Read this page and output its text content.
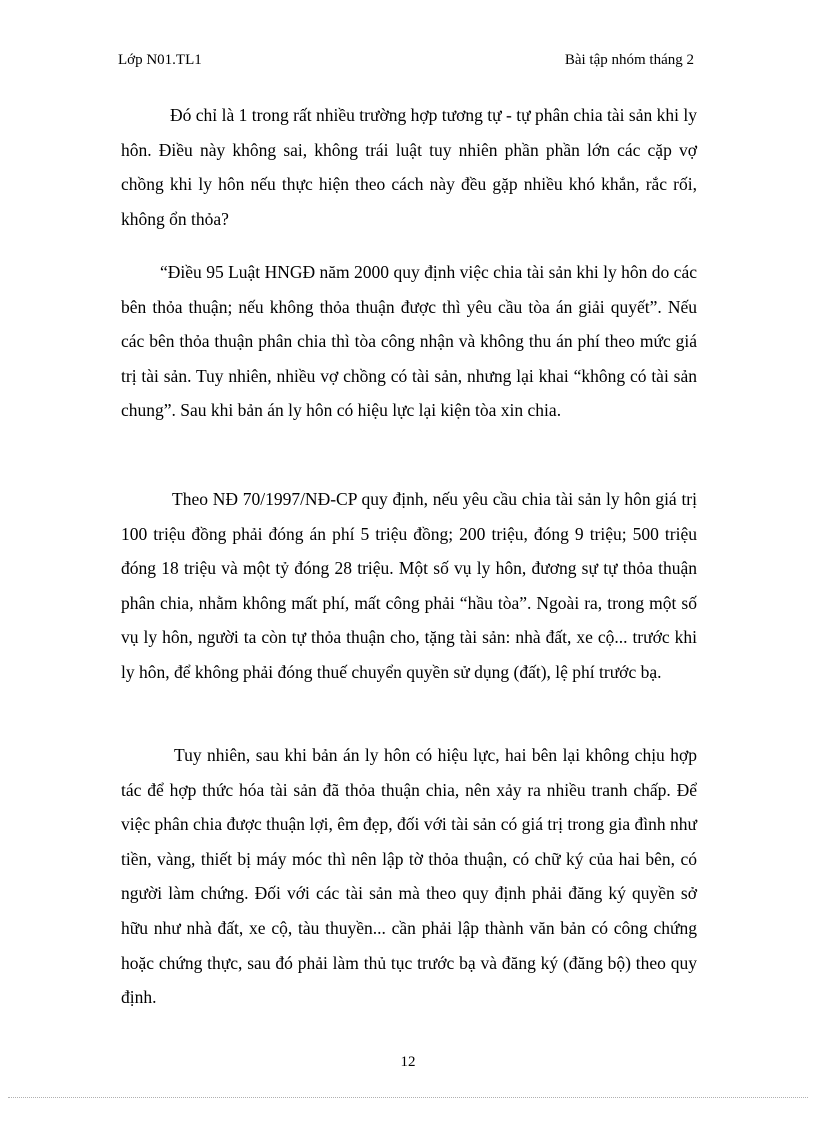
Lớp N01.TL1	Bài tập nhóm tháng 2

Đó chỉ là 1 trong rất nhiều trường hợp tương tự - tự phân chia tài sản khi ly hôn. Điều này không sai, không trái luật tuy nhiên phần phần lớn các cặp vợ chồng khi ly hôn nếu thực hiện theo cách này đều gặp nhiều khó khắn, rắc rối, không ổn thỏa?

“Điều 95 Luật HNGĐ năm 2000 quy định việc chia tài sản khi ly hôn do các bên thỏa thuận; nếu không thỏa thuận được thì yêu cầu tòa án giải quyết”. Nếu các bên thỏa thuận phân chia thì tòa công nhận và không thu án phí theo mức giá trị tài sản. Tuy nhiên, nhiều vợ chồng có tài sản, nhưng lại khai “không có tài sản chung”. Sau khi bản án ly hôn có hiệu lực lại kiện tòa xin chia.

Theo NĐ 70/1997/NĐ-CP quy định, nếu yêu cầu chia tài sản ly hôn giá trị 100 triệu đồng phải đóng án phí 5 triệu đồng; 200 triệu, đóng 9 triệu; 500 triệu đóng 18 triệu và một tỷ đóng 28 triệu. Một số vụ ly hôn, đương sự tự thỏa thuận phân chia, nhằm không mất phí, mất công phải “hầu tòa”. Ngoài ra, trong một số vụ ly hôn, người ta còn tự thỏa thuận cho, tặng tài sản: nhà đất, xe cộ... trước khi ly hôn, để không phải đóng thuế chuyển quyền sử dụng (đất), lệ phí trước bạ.

Tuy nhiên, sau khi bản án ly hôn có hiệu lực, hai bên lại không chịu hợp tác để hợp thức hóa tài sản đã thỏa thuận chia, nên xảy ra nhiều tranh chấp. Để việc phân chia được thuận lợi, êm đẹp, đối với tài sản có giá trị trong gia đình như tiền, vàng, thiết bị máy móc thì nên lập tờ thỏa thuận, có chữ ký của hai bên, có người làm chứng. Đối với các tài sản mà theo quy định phải đăng ký quyền sở hữu như nhà đất, xe cộ, tàu thuyền... cần phải lập thành văn bản có công chứng hoặc chứng thực, sau đó phải làm thủ tục trước bạ và đăng ký (đăng bộ) theo quy định.

12
